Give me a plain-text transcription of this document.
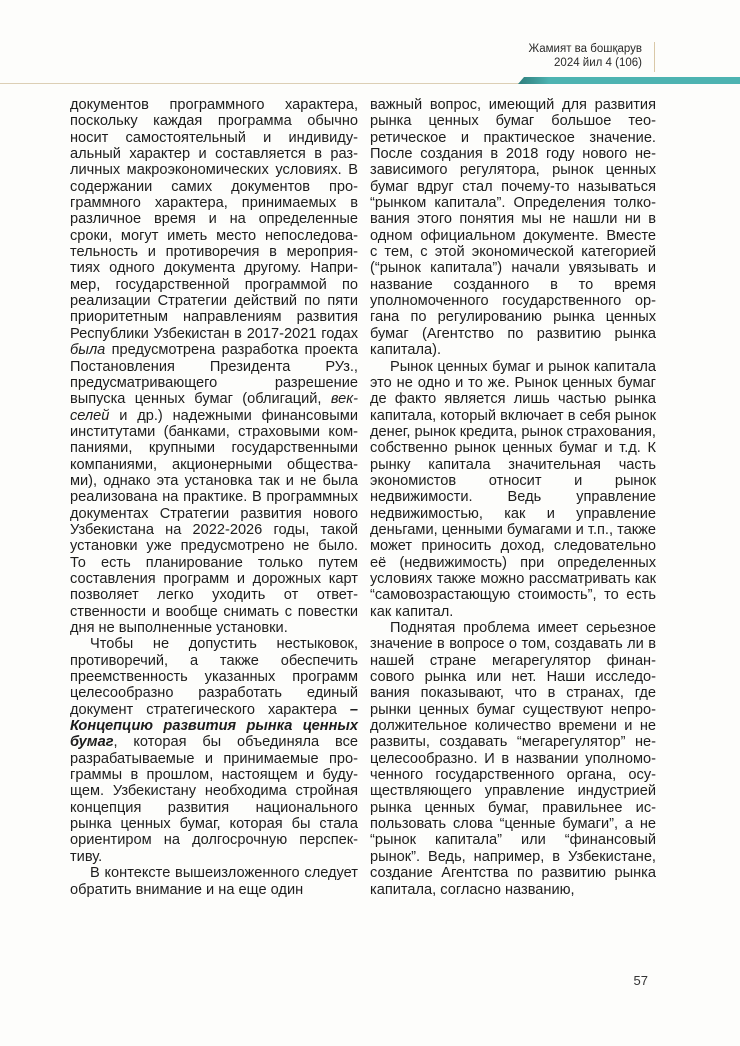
Жамият ва бошқарув
2024 йил 4 (106)

документов программного характера, поскольку каждая программа обычно носит самостоятельный и индивидуальный характер и составляется в различных макроэкономических условиях. В содержании самих документов программного характера, принимаемых в различное время и на определенные сроки, могут иметь место непоследовательность и противоречия в мероприятиях одного документа другому. Например, государственной программой по реализации Стратегии действий по пяти приоритетным направлениям развития Республики Узбекистан в 2017-2021 годах была предусмотрена разработка проекта Постановления Президента РУз., предусматривающего разрешение выпуска ценных бумаг (облигаций, векселей и др.) надежными финансовыми институтами (банками, страховыми компаниями, крупными государственными компаниями, акционерными обществами), однако эта установка так и не была реализована на практике. В программных документах Стратегии развития нового Узбекистана на 2022-2026 годы, такой установки уже предусмотрено не было. То есть планирование только путем составления программ и дорожных карт позволяет легко уходить от ответственности и вообще снимать с повестки дня не выполненные установки.

Чтобы не допустить нестыковок, противоречий, а также обеспечить преемственность указанных программ целесообразно разработать единый документ стратегического характера – Концепцию развития рынка ценных бумаг, которая бы объединяла все разрабатываемые и принимаемые программы в прошлом, настоящем и будущем. Узбекистану необходима стройная концепция развития национального рынка ценных бумаг, которая бы стала ориентиром на долгосрочную перспективу.

В контексте вышеизложенного следует обратить внимание и на еще один

важный вопрос, имеющий для развития рынка ценных бумаг большое теоретическое и практическое значение. После создания в 2018 году нового независимого регулятора, рынок ценных бумаг вдруг стал почему-то называться “рынком капитала”. Определения толкования этого понятия мы не нашли ни в одном официальном документе. Вместе с тем, с этой экономической категорией (“рынок капитала”) начали увязывать и название созданного в то время уполномоченного государственного органа по регулированию рынка ценных бумаг (Агентство по развитию рынка капитала).

Рынок ценных бумаг и рынок капитала это не одно и то же. Рынок ценных бумаг де факто является лишь частью рынка капитала, который включает в себя рынок денег, рынок кредита, рынок страхования, собственно рынок ценных бумаг и т.д. К рынку капитала значительная часть экономистов относит и рынок недвижимости. Ведь управление недвижимостью, как и управление деньгами, ценными бумагами и т.п., также может приносить доход, следовательно её (недвижимость) при определенных условиях также можно рассматривать как “самовозрастающую стоимость”, то есть как капитал.

Поднятая проблема имеет серьезное значение в вопросе о том, создавать ли в нашей стране мегарегулятор финансового рынка или нет. Наши исследования показывают, что в странах, где рынки ценных бумаг существуют непродолжительное количество времени и не развиты, создавать “мегарегулятор” нецелесообразно. И в названии уполномоченного государственного органа, осуществляющего управление индустрией рынка ценных бумаг, правильнее использовать слова “ценные бумаги”, а не “рынок капитала” или “финансовый рынок”. Ведь, например, в Узбекистане, создание Агентства по развитию рынка капитала, согласно названию,

57
